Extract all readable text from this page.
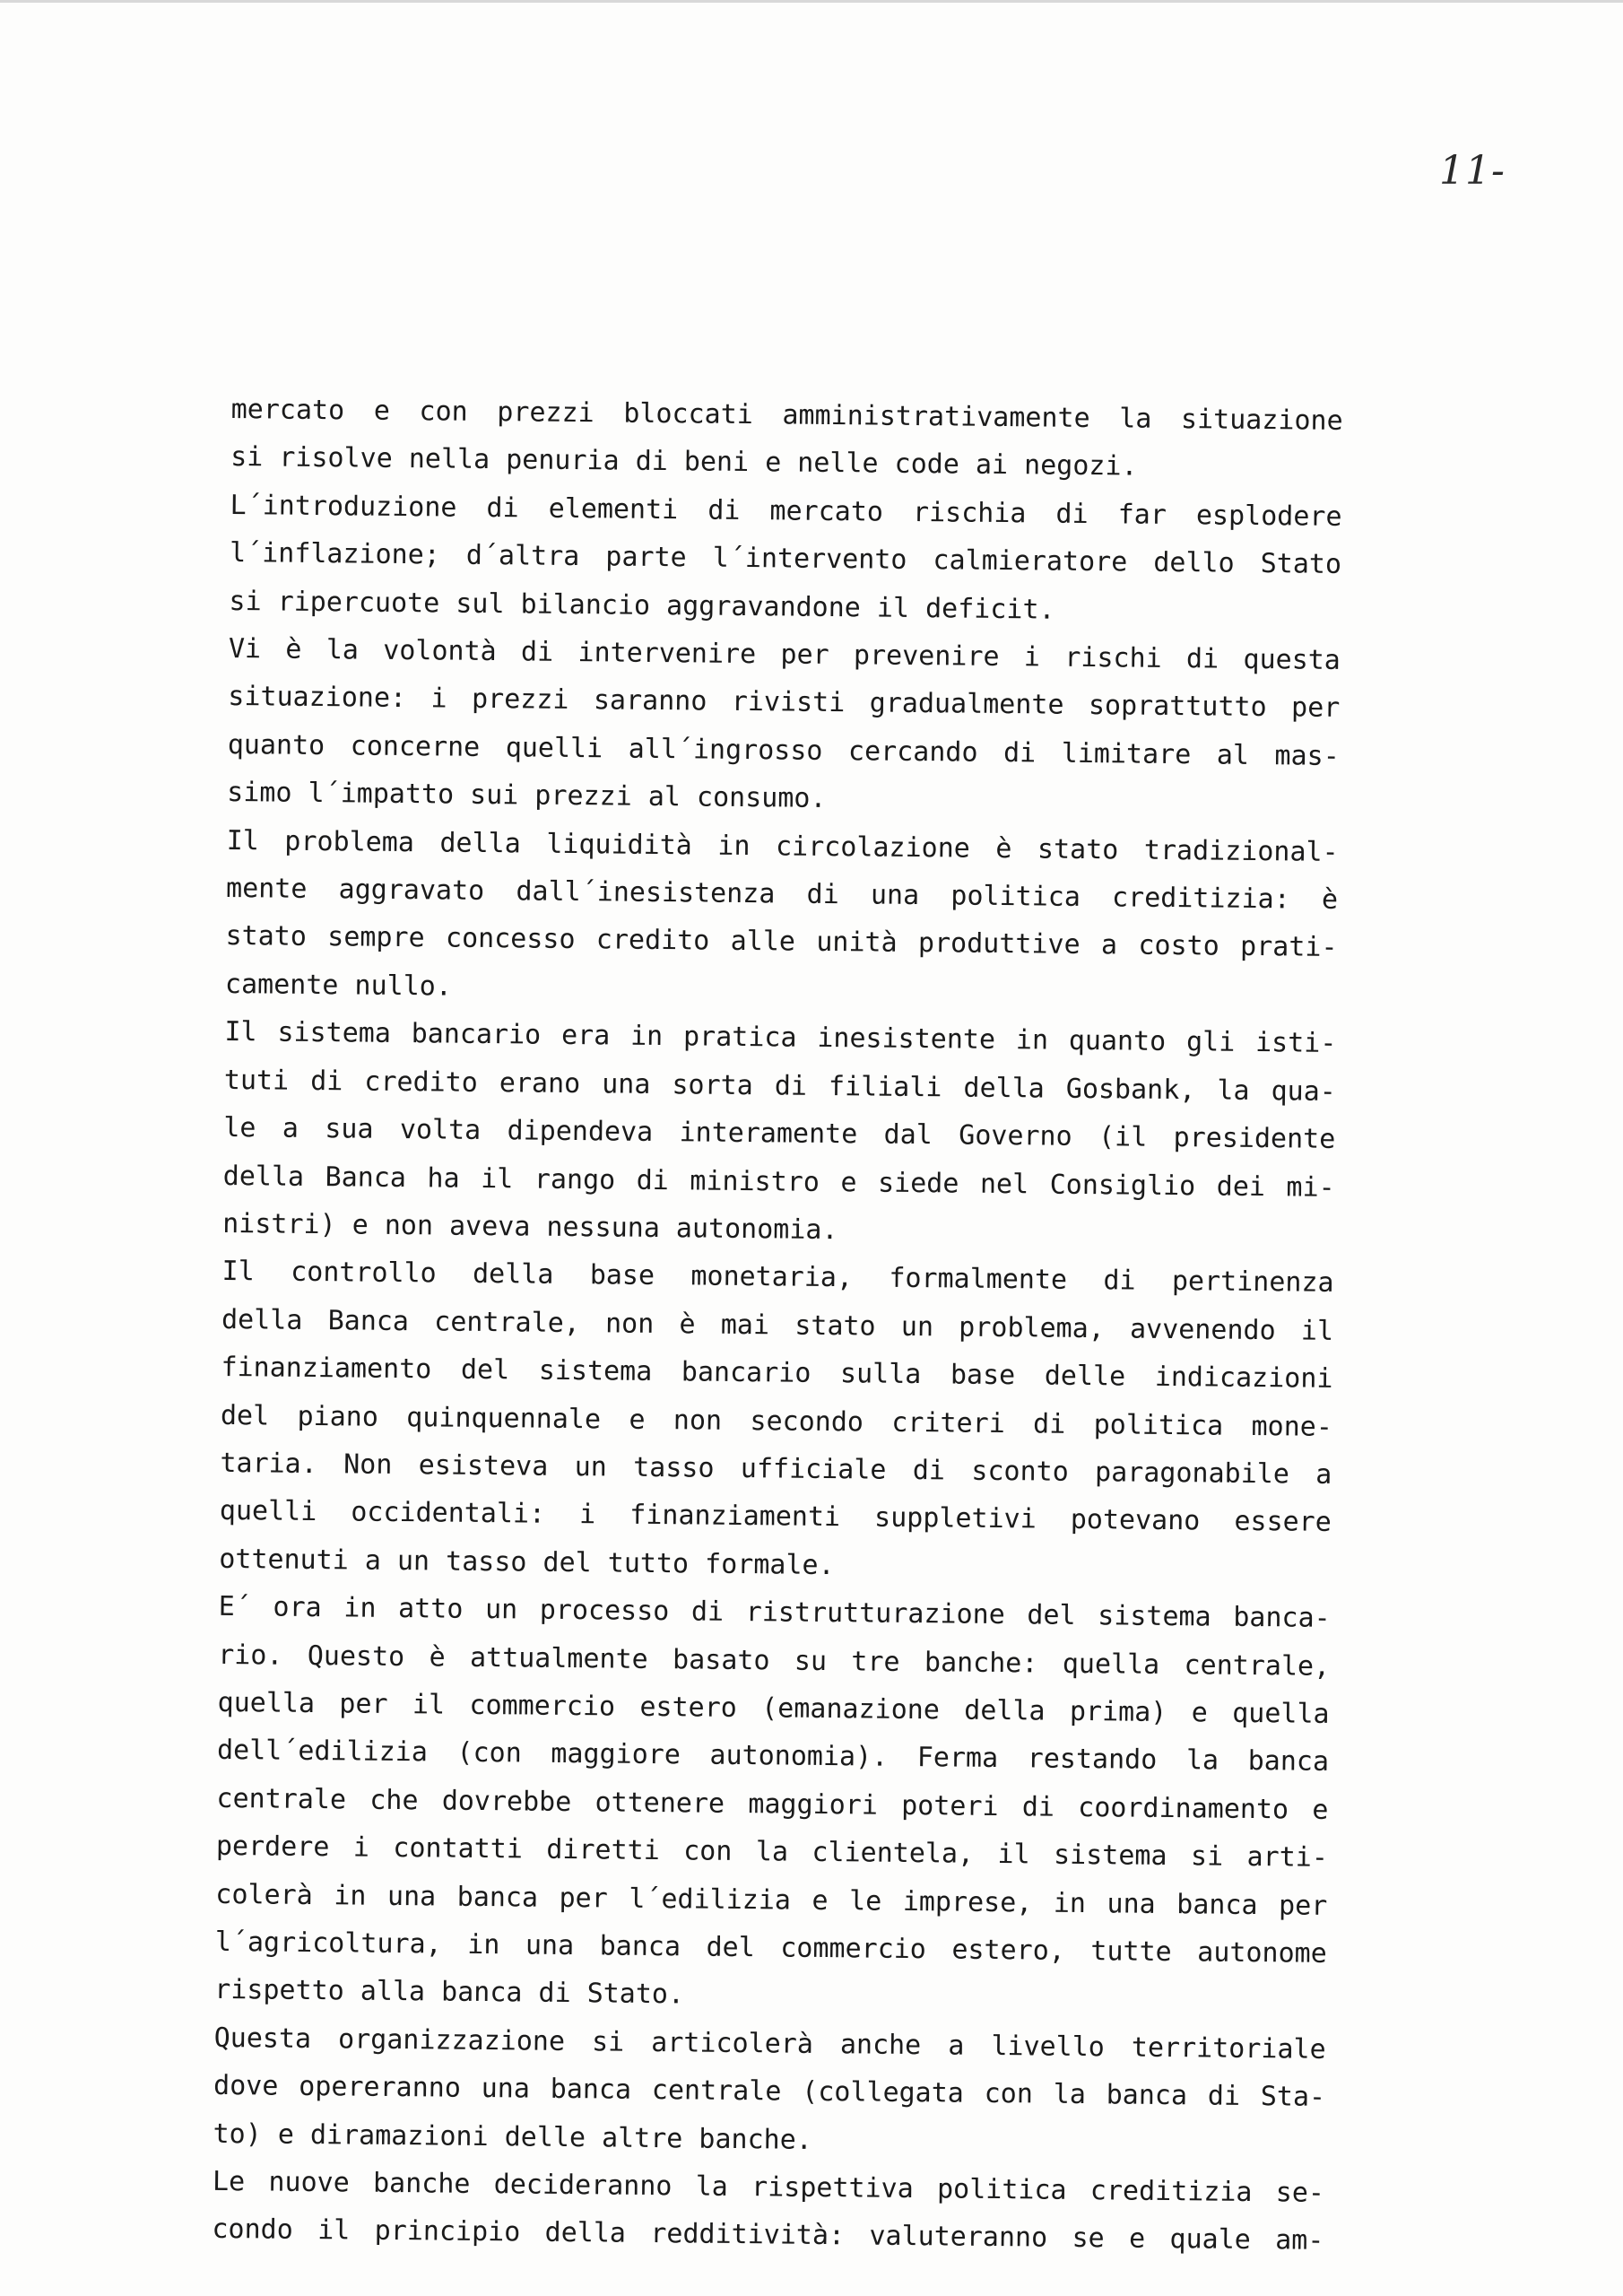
11-
mercato e con prezzi bloccati amministrativamente la situazione
si risolve nella penuria di beni e nelle code ai negozi.
L´introduzione di elementi di mercato rischia di far esplodere
l´inflazione; d´altra parte l´intervento calmieratore dello Stato
si ripercuote sul bilancio aggravandone il deficit.
Vi è la volontà di intervenire per prevenire i rischi di questa
situazione: i prezzi saranno rivisti gradualmente soprattutto per
quanto concerne quelli all´ingrosso cercando di limitare al mas-
simo l´impatto sui prezzi al consumo.
Il problema della liquidità in circolazione è stato tradizional-
mente aggravato dall´inesistenza di una politica creditizia: è
stato sempre concesso credito alle unità produttive a costo prati-
camente nullo.
Il sistema bancario era in pratica inesistente in quanto gli isti-
tuti di credito erano una sorta di filiali della Gosbank, la qua-
le a sua volta dipendeva interamente dal Governo (il presidente
della Banca ha il rango di ministro e siede nel Consiglio dei mi-
nistri) e non aveva nessuna autonomia.
Il controllo della base monetaria, formalmente di pertinenza
della Banca centrale, non è mai stato un problema, avvenendo il
finanziamento del sistema bancario sulla base delle indicazioni
del piano quinquennale e non secondo criteri di politica mone-
taria. Non esisteva un tasso ufficiale di sconto paragonabile a
quelli occidentali: i finanziamenti suppletivi potevano essere
ottenuti a un tasso del tutto formale.
E´ ora in atto un processo di ristrutturazione del sistema banca-
rio. Questo è attualmente basato su tre banche: quella centrale,
quella per il commercio estero (emanazione della prima) e quella
dell´edilizia (con maggiore autonomia). Ferma restando la banca
centrale che dovrebbe ottenere maggiori poteri di coordinamento e
perdere i contatti diretti con la clientela, il sistema si arti-
colerà in una banca per l´edilizia e le imprese, in una banca per
l´agricoltura, in una banca del commercio estero, tutte autonome
rispetto alla banca di Stato.
Questa organizzazione si articolerà anche a livello territoriale
dove opereranno una banca centrale (collegata con la banca di Sta-
to) e diramazioni delle altre banche.
Le nuove banche decideranno la rispettiva politica creditizia se-
condo il principio della redditività: valuteranno se e quale am-
